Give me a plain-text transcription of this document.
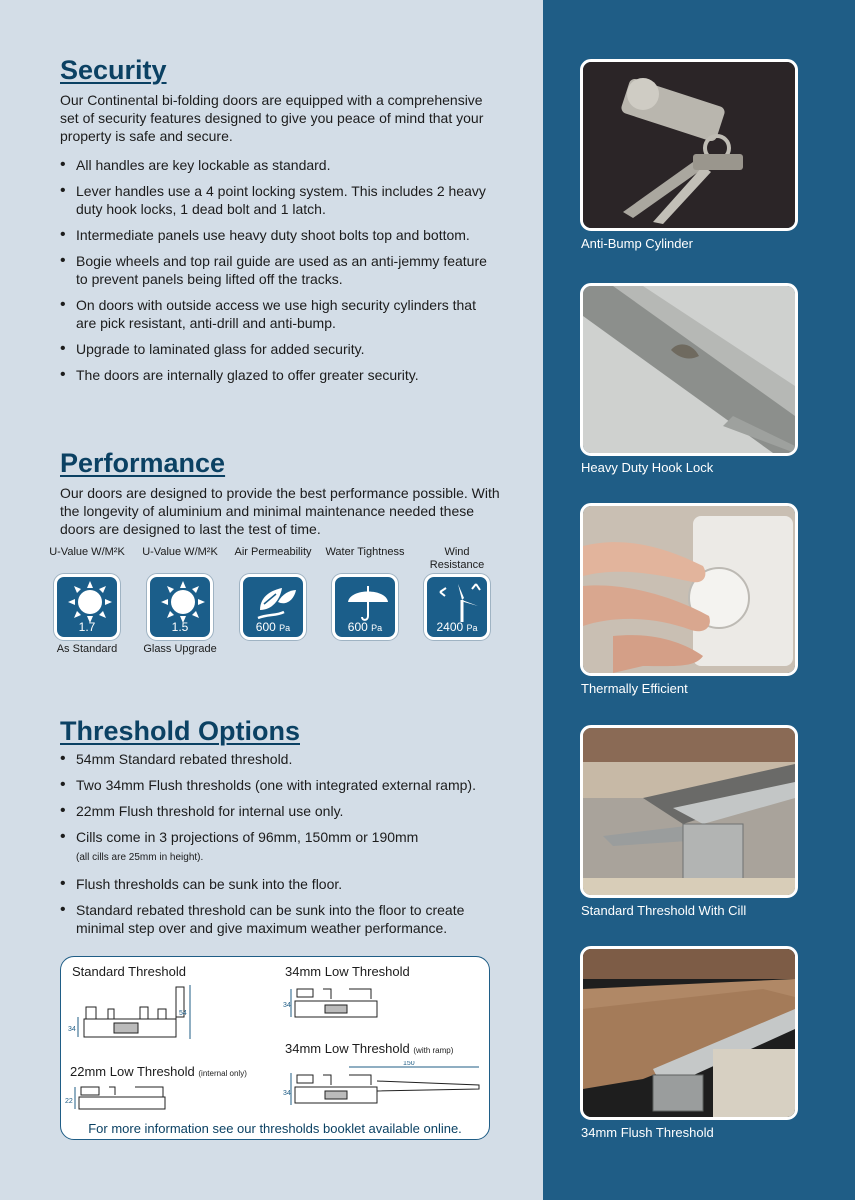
Security

Our Continental bi-folding doors are equipped with a comprehensive set of security features designed to give you peace of mind that your property is safe and secure.

• All handles are key lockable as standard.
• Lever handles use a 4 point locking system. This includes 2 heavy duty hook locks, 1 dead bolt and 1 latch.
• Intermediate panels use heavy duty shoot bolts top and bottom.
• Bogie wheels and top rail guide are used as an anti-jemmy feature to prevent panels being lifted off the tracks.
• On doors with outside access we use high security cylinders that are pick resistant, anti-drill and anti-bump.
• Upgrade to laminated glass for added security.
• The doors are internally glazed to offer greater security.
Performance

Our doors are designed to provide the best performance possible. With the longevity of aluminium and minimal maintenance needed these doors are designed to last the test of time.

U-Value W/M²K
1.7
As Standard
U-Value W/M²K
1.5
Glass Upgrade
Air Permeability
600 Pa
Water Tightness
600 Pa
Wind Resistance
2400 Pa
Threshold Options
• 54mm Standard rebated threshold.
• Two 34mm Flush thresholds (one with integrated external ramp).
• 22mm Flush threshold for internal use only.
• Cills come in 3 projections of 96mm, 150mm or 190mm
(all cills are 25mm in height).
• Flush thresholds can be sunk into the floor.
• Standard rebated threshold can be sunk into the floor to create minimal step over and give maximum weather performance.
Standard Threshold
34
54
34mm Low Threshold
34
34mm Low Threshold (with ramp)
34
150
22mm Low Threshold (internal only)
22
For more information see our thresholds booklet available online.
Anti-Bump Cylinder
Heavy Duty Hook Lock
Thermally Efficient
Standard Threshold With Cill
34mm Flush Threshold
